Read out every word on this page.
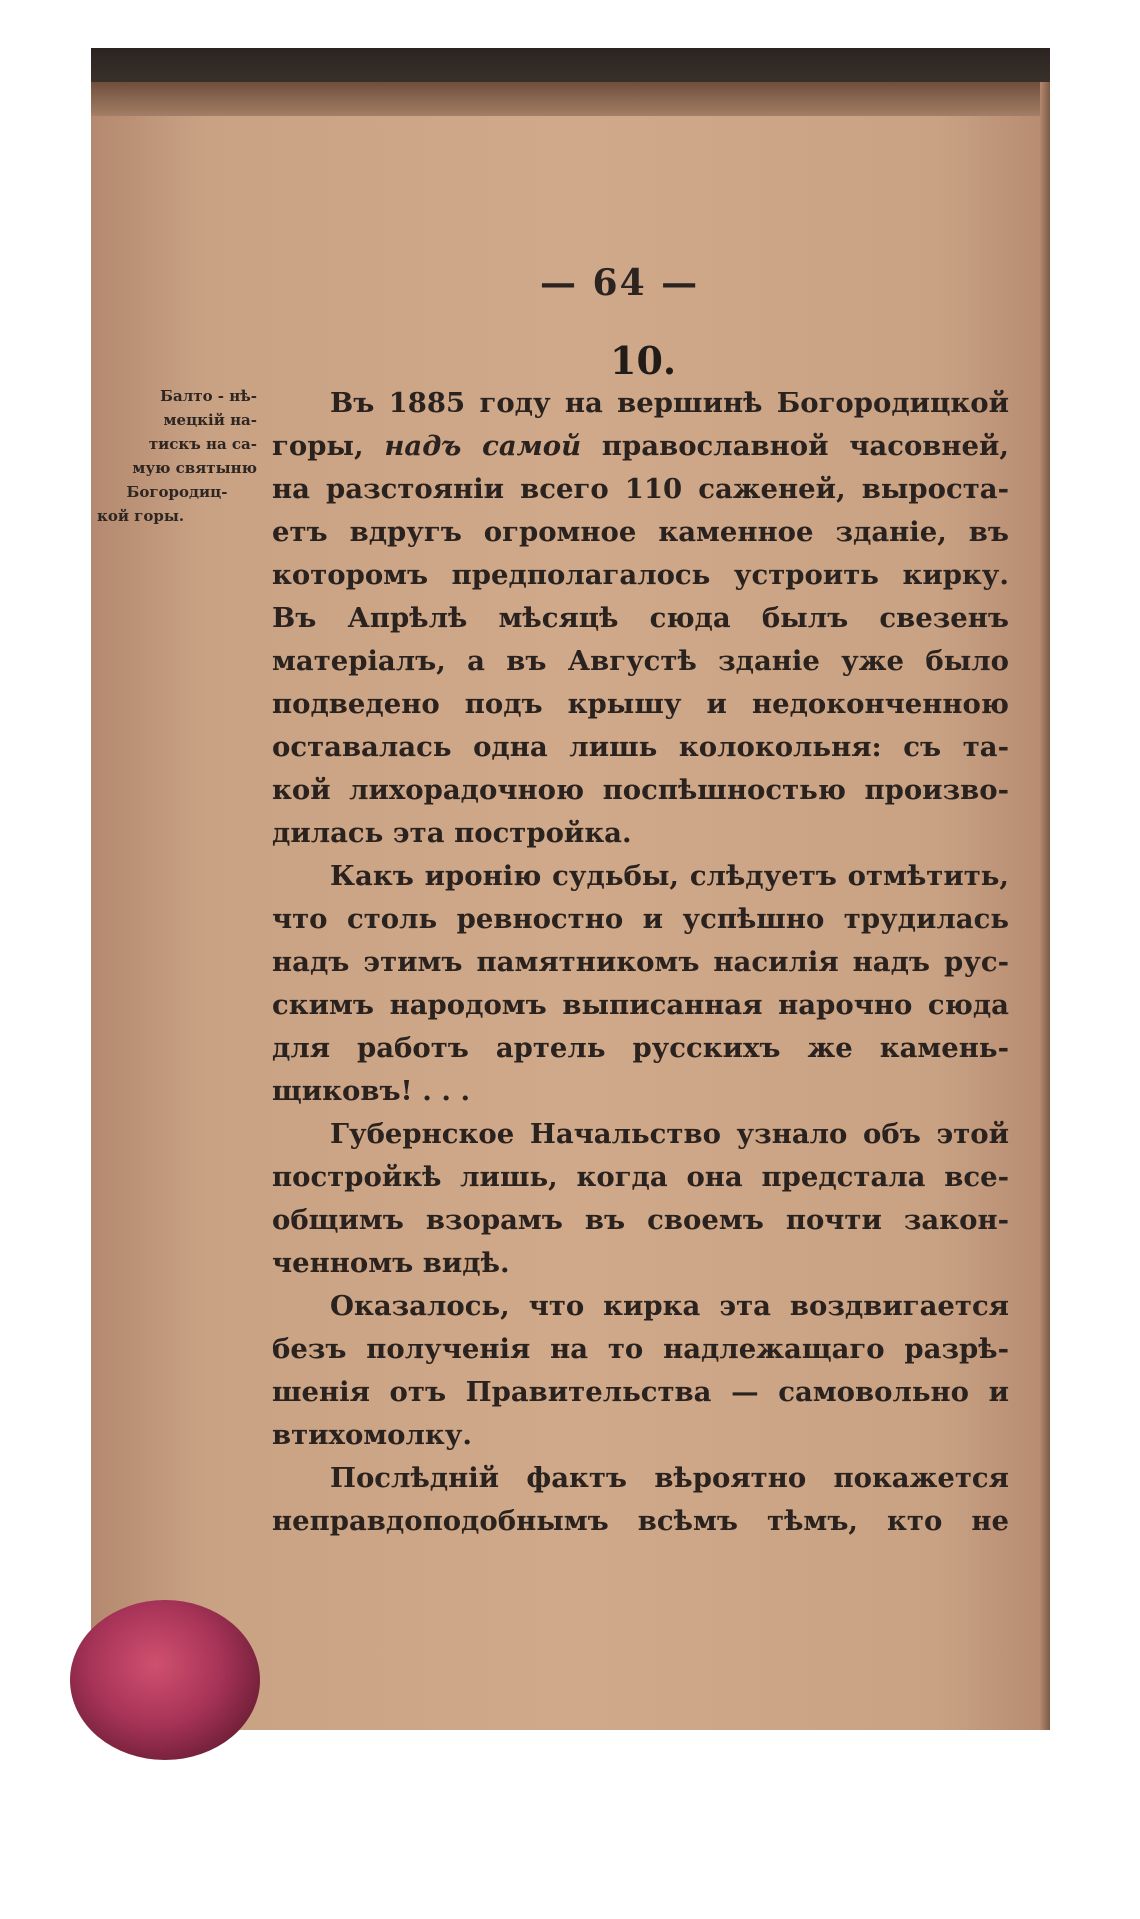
— 64 —
10.
Балто - нѣ-
мецкій на-
тискъ на са-
мую святыню
Богородиц-
кой горы.
Въ 1885 году на вершинѣ Богородицкой
горы, надъ самой православной часовней,
на разстояніи всего 110 саженей, выроста-
етъ вдругъ огромное каменное зданіе, въ
которомъ предполагалось устроить кирку.
Въ Апрѣлѣ мѣсяцѣ сюда былъ свезенъ
матеріалъ, а въ Августѣ зданіе уже было
подведено подъ крышу и недоконченною
оставалась одна лишь колокольня: съ та-
кой лихорадочною поспѣшностью произво-
дилась эта постройка.
Какъ иронію судьбы, слѣдуетъ отмѣтить,
что столь ревностно и успѣшно трудилась
надъ этимъ памятникомъ насилія надъ рус-
скимъ народомъ выписанная нарочно сюда
для работъ артель русскихъ же камень-
щиковъ! . . .
Губернское Начальство узнало объ этой
постройкѣ лишь, когда она предстала все-
общимъ взорамъ въ своемъ почти закон-
ченномъ видѣ.
Оказалось, что кирка эта воздвигается
безъ полученія на то надлежащаго разрѣ-
шенія отъ Правительства — самовольно и
втихомолку.
Послѣдній фактъ вѣроятно покажется
неправдоподобнымъ всѣмъ тѣмъ, кто не
